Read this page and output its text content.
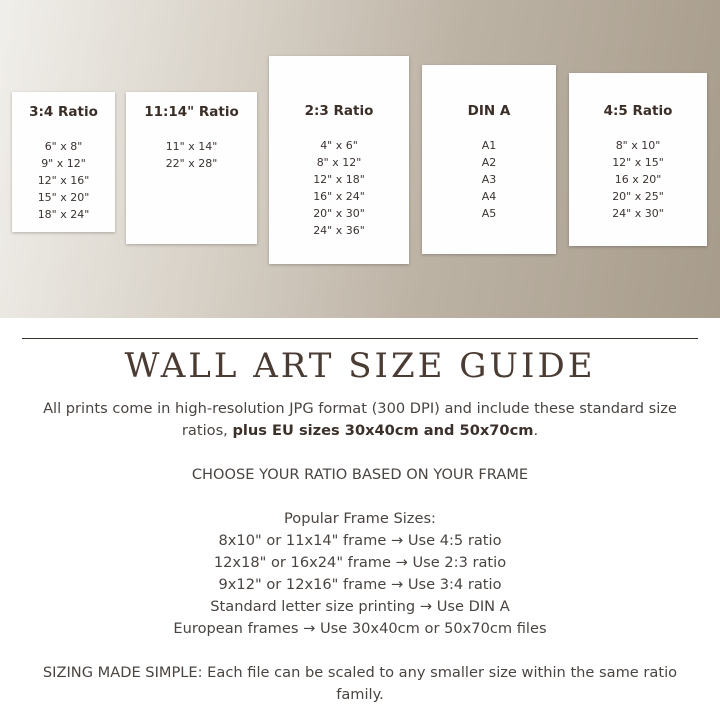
3:4 Ratio
6" x 8"
9" x 12"
12" x 16"
15" x 20"
18" x 24"
11:14" Ratio
11" x 14"
22" x 28"
2:3 Ratio
4" x 6"
8" x 12"
12" x 18"
16" x 24"
20" x 30"
24" x 36"
DIN A
A1
A2
A3
A4
A5
4:5 Ratio
8" x 10"
12" x 15"
16 x 20"
20" x 25"
24" x 30"
WALL ART SIZE GUIDE

All prints come in high-resolution JPG format (300 DPI) and include these standard size ratios, plus EU sizes 30x40cm and 50x70cm.

CHOOSE YOUR RATIO BASED ON YOUR FRAME

Popular Frame Sizes:

8x10" or 11x14" frame → Use 4:5 ratio

12x18" or 16x24" frame → Use 2:3 ratio

9x12" or 12x16" frame → Use 3:4 ratio

Standard letter size printing → Use DIN A

European frames → Use 30x40cm or 50x70cm files

SIZING MADE SIMPLE: Each file can be scaled to any smaller size within the same ratio family.
